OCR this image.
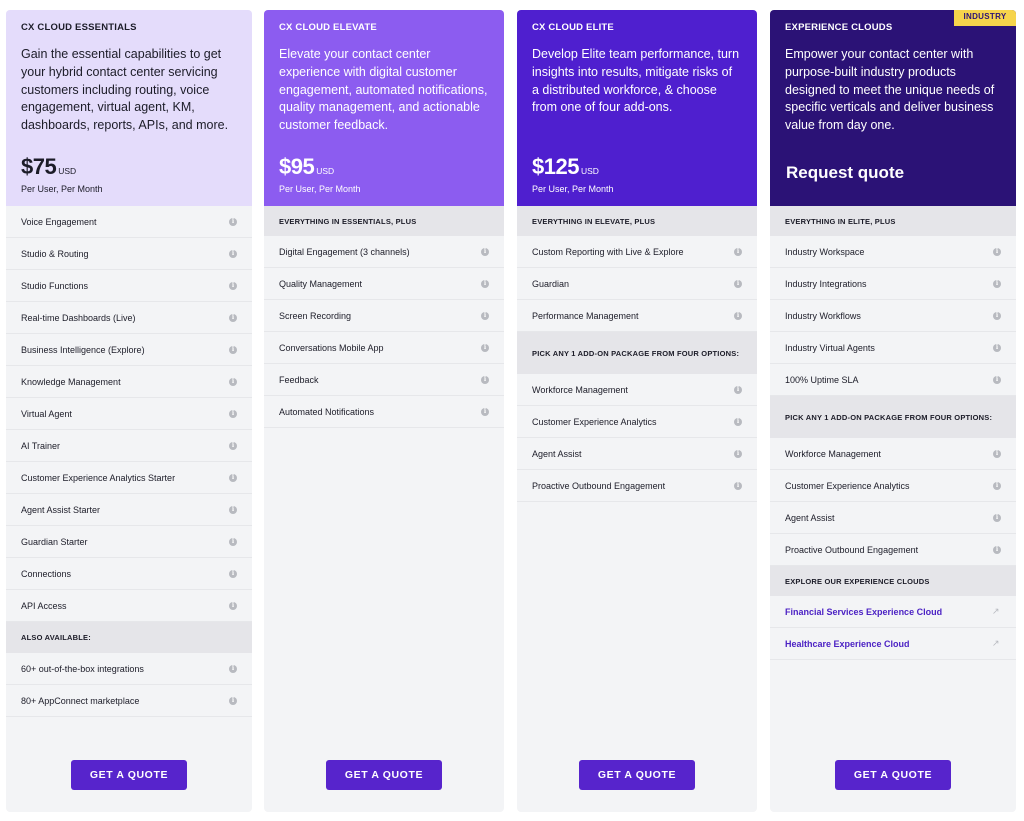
CX CLOUD ESSENTIALS
Gain the essential capabilities to get your hybrid contact center servicing customers including routing, voice engagement, virtual agent, KM, dashboards, reports, APIs, and more.
$75 USD
Per User, Per Month
Voice Engagement	i
Studio & Routing	i
Studio Functions	i
Real-time Dashboards (Live)	i
Business Intelligence (Explore)	i
Knowledge Management	i
Virtual Agent	i
AI Trainer	i
Customer Experience Analytics Starter	i
Agent Assist Starter	i
Guardian Starter	i
Connections	i
API Access	i
ALSO AVAILABLE:
60+ out-of-the-box integrations	i
80+ AppConnect marketplace	i
GET A QUOTE
CX CLOUD ELEVATE
Elevate your contact center experience with digital customer engagement, automated notifications, quality management, and actionable customer feedback.
$95 USD
Per User, Per Month
EVERYTHING IN ESSENTIALS, PLUS
Digital Engagement (3 channels)	i
Quality Management	i
Screen Recording	i
Conversations Mobile App	i
Feedback	i
Automated Notifications	i
GET A QUOTE
CX CLOUD ELITE
Develop Elite team performance, turn insights into results, mitigate risks of a distributed workforce, & choose from one of four add-ons.
$125 USD
Per User, Per Month
EVERYTHING IN ELEVATE, PLUS
Custom Reporting with Live & Explore	i
Guardian	i
Performance Management	i
PICK ANY 1 ADD-ON PACKAGE FROM FOUR OPTIONS:
Workforce Management	i
Customer Experience Analytics	i
Agent Assist	i
Proactive Outbound Engagement	i
GET A QUOTE
INDUSTRY
EXPERIENCE CLOUDS
Empower your contact center with purpose-built industry products designed to meet the unique needs of specific verticals and deliver business value from day one.
Request quote
EVERYTHING IN ELITE, PLUS
Industry Workspace	i
Industry Integrations	i
Industry Workflows	i
Industry Virtual Agents	i
100% Uptime SLA	i
PICK ANY 1 ADD-ON PACKAGE FROM FOUR OPTIONS:
Workforce Management	i
Customer Experience Analytics	i
Agent Assist	i
Proactive Outbound Engagement	i
EXPLORE OUR EXPERIENCE CLOUDS
Financial Services Experience Cloud	↗
Healthcare Experience Cloud	↗
GET A QUOTE
